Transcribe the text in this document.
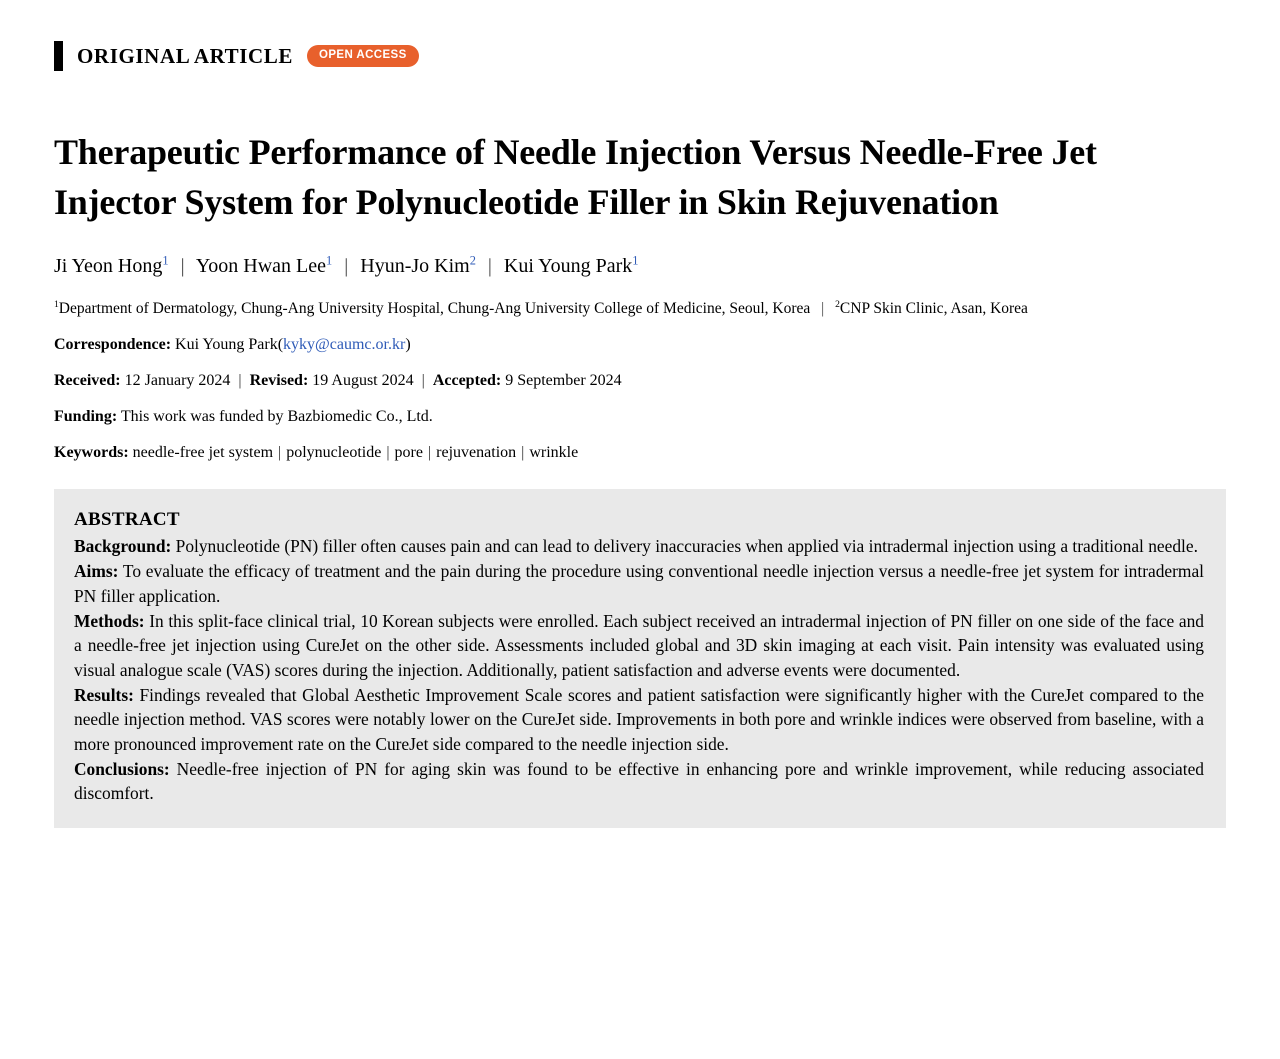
ORIGINAL ARTICLE	OPEN ACCESS
Therapeutic Performance of Needle Injection Versus Needle-Free Jet Injector System for Polynucleotide Filler in Skin Rejuvenation
Ji Yeon Hong$^1$ | Yoon Hwan Lee$^1$ | Hyun-Jo Kim$^2$ | Kui Young Park$^1$
$^1$Department of Dermatology, Chung-Ang University Hospital, Chung-Ang University College of Medicine, Seoul, Korea | $^2$CNP Skin Clinic, Asan, Korea
Correspondence: Kui Young Park(kyky@caumc.or.kr)
Received: 12 January 2024 | Revised: 19 August 2024 | Accepted: 9 September 2024
Funding: This work was funded by Bazbiomedic Co., Ltd.
Keywords: needle-free jet system | polynucleotide | pore | rejuvenation | wrinkle
ABSTRACT

Background: Polynucleotide (PN) filler often causes pain and can lead to delivery inaccuracies when applied via intradermal injection using a traditional needle.

Aims: To evaluate the efficacy of treatment and the pain during the procedure using conventional needle injection versus a needle-free jet system for intradermal PN filler application.

Methods: In this split-face clinical trial, 10 Korean subjects were enrolled. Each subject received an intradermal injection of PN filler on one side of the face and a needle-free jet injection using CureJet on the other side. Assessments included global and 3D skin imaging at each visit. Pain intensity was evaluated using visual analogue scale (VAS) scores during the injection. Additionally, patient satisfaction and adverse events were documented.

Results: Findings revealed that Global Aesthetic Improvement Scale scores and patient satisfaction were significantly higher with the CureJet compared to the needle injection method. VAS scores were notably lower on the CureJet side. Improvements in both pore and wrinkle indices were observed from baseline, with a more pronounced improvement rate on the CureJet side compared to the needle injection side.

Conclusions: Needle-free injection of PN for aging skin was found to be effective in enhancing pore and wrinkle improvement, while reducing associated discomfort.
